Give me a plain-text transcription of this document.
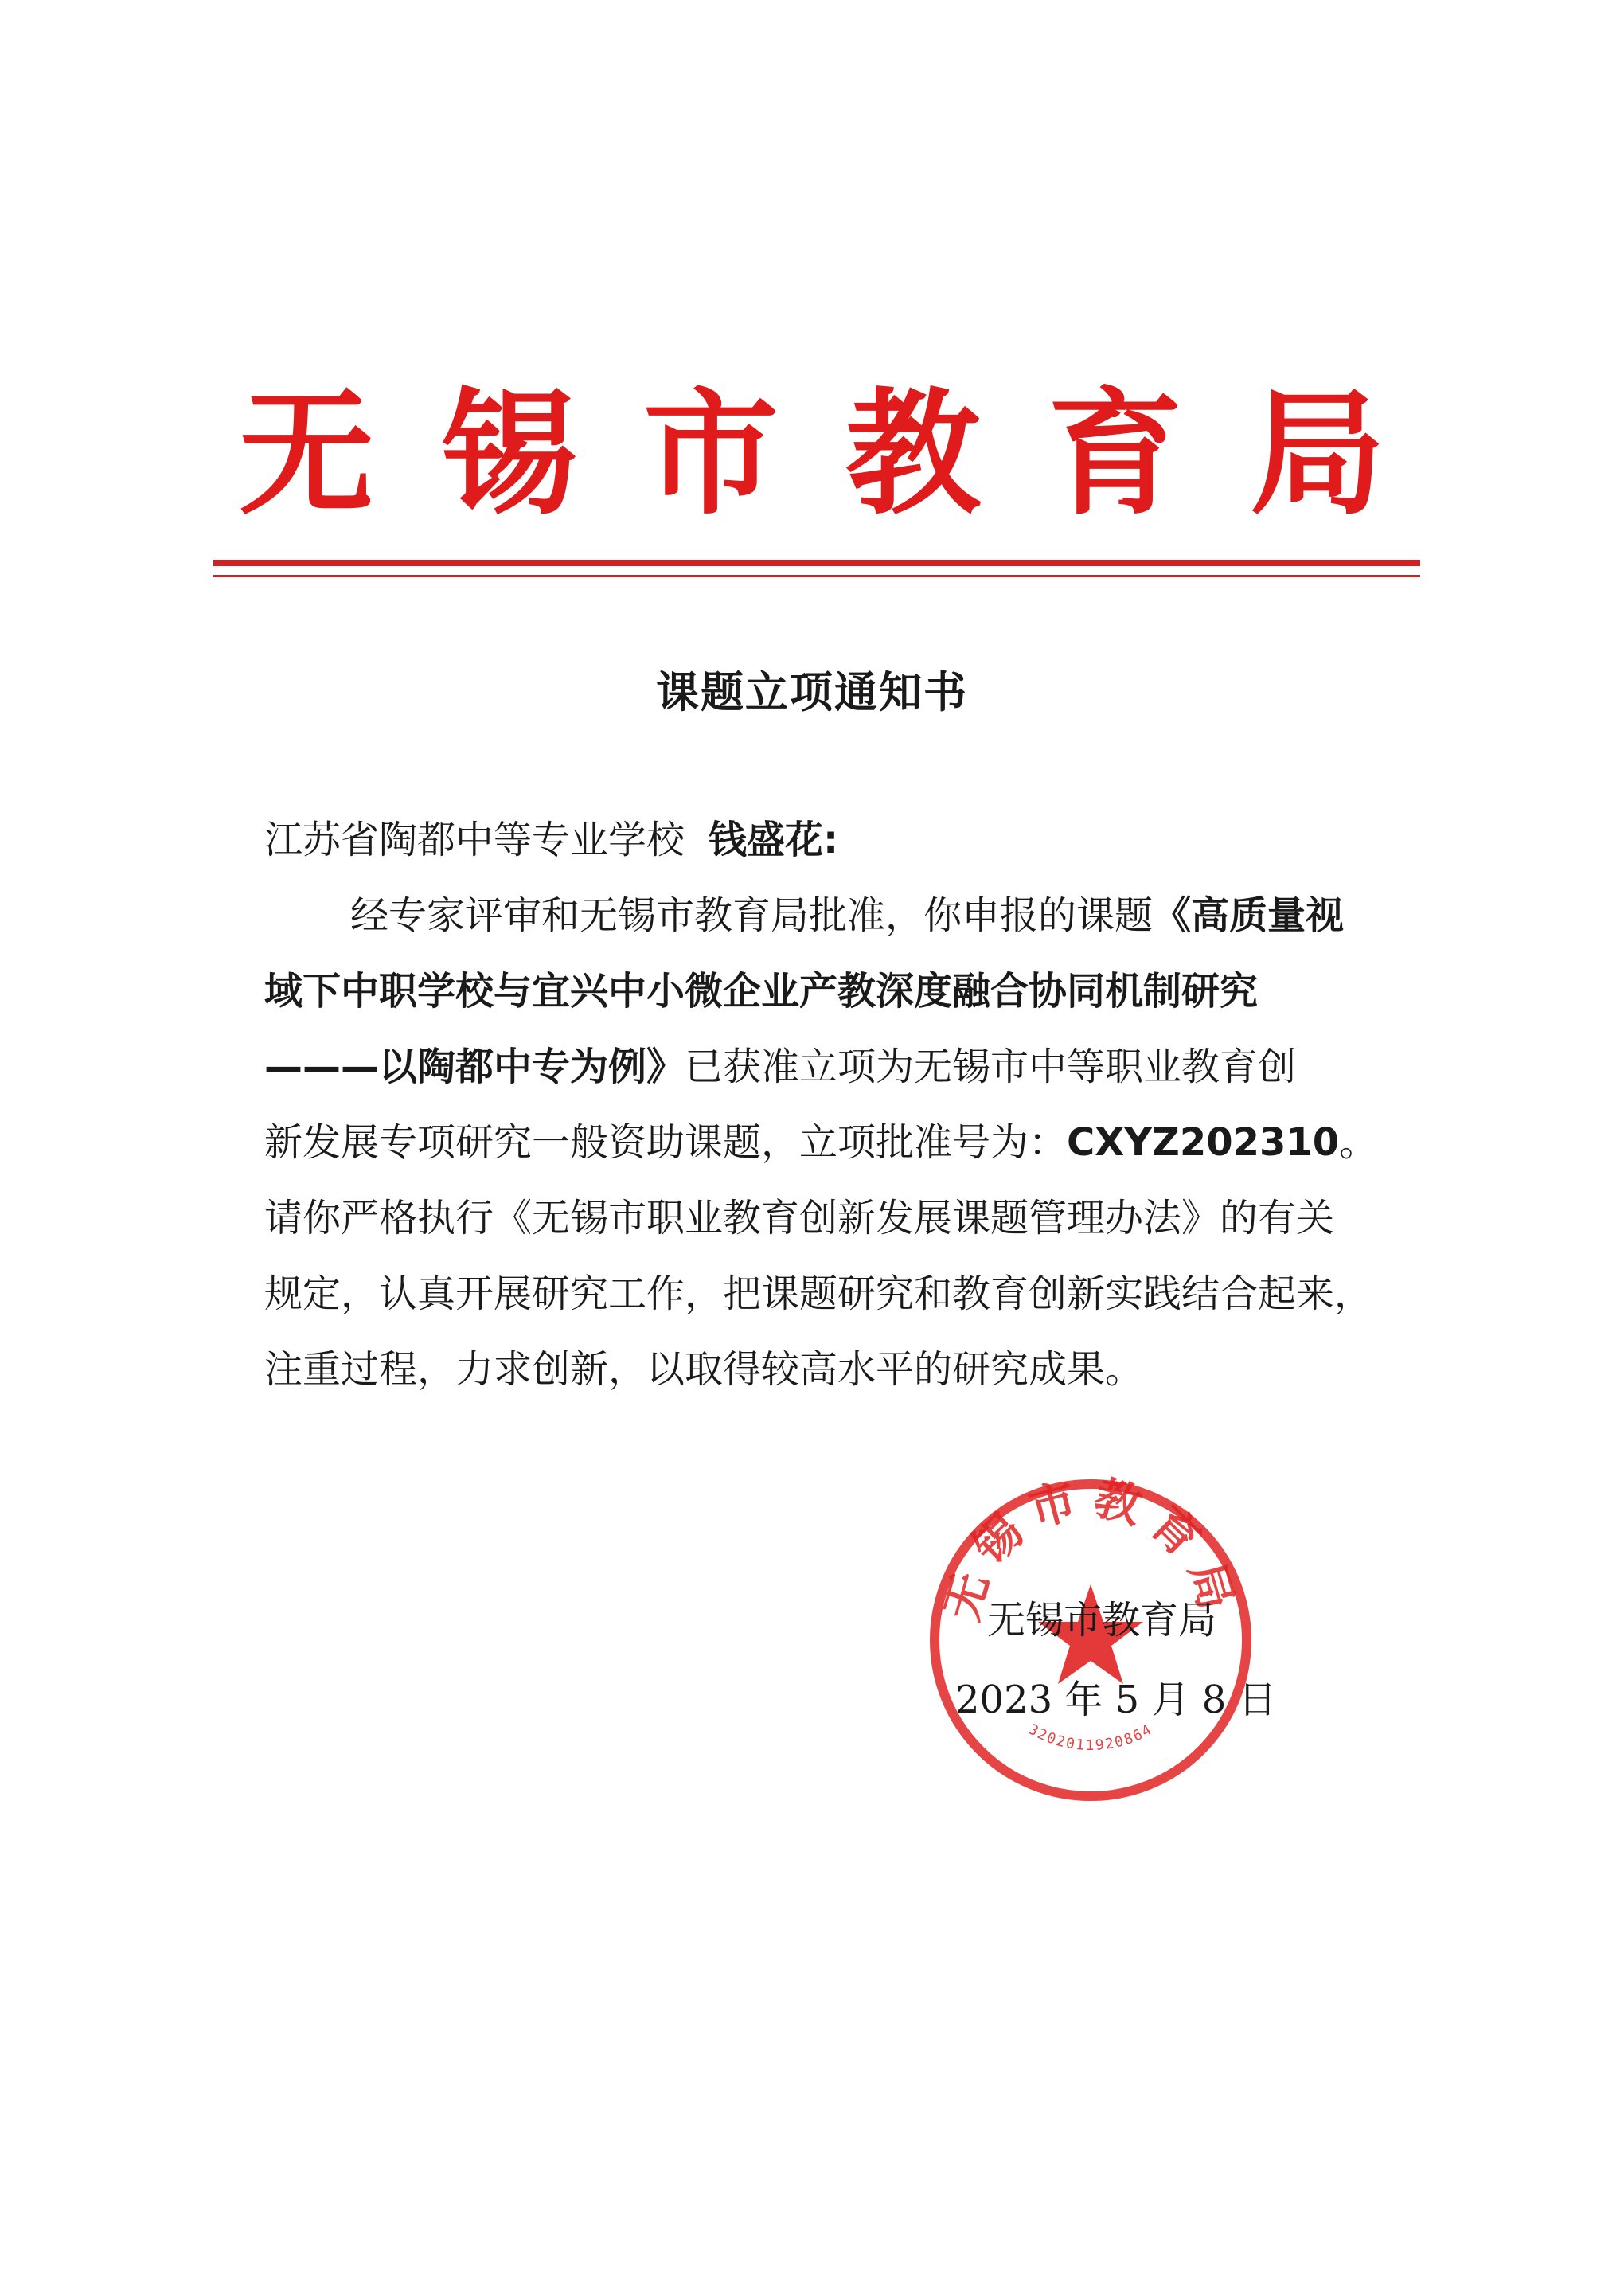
无 锡 市 教 育 局
课题立项通知书
江苏省陶都中等专业学校 钱盛花:
经专家评审和无锡市教育局批准，你申报的课题《高质量视
域下中职学校与宜兴中小微企业产教深度融合协同机制研究
———以陶都中专为例》已获准立项为无锡市中等职业教育创
新发展专项研究一般资助课题，立项批准号为：CXYZ202310。
请你严格执行《无锡市职业教育创新发展课题管理办法》的有关
规定，认真开展研究工作，把课题研究和教育创新实践结合起来，
注重过程，力求创新，以取得较高水平的研究成果。
无锡市教育局
3202011920864
无锡市教育局
2023 年 5 月 8 日
